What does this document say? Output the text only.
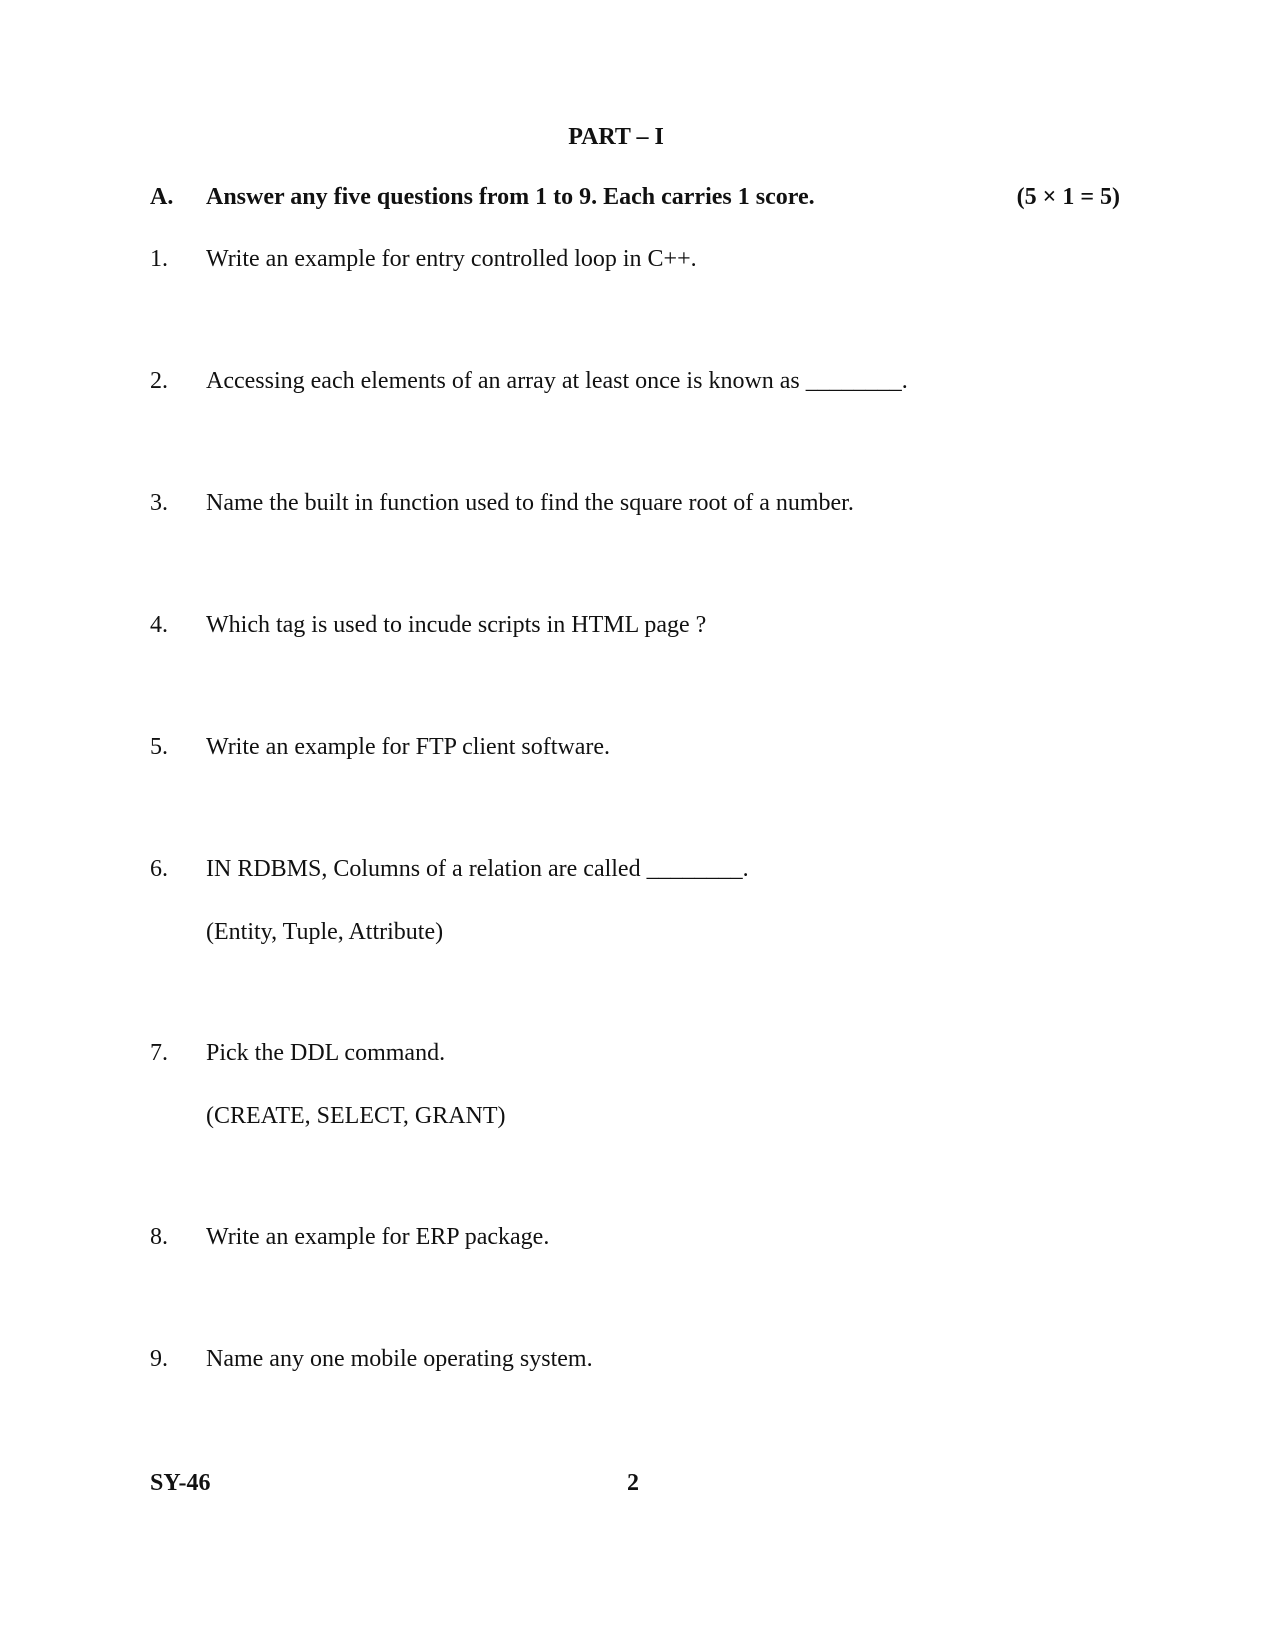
PART – I
A. Answer any five questions from 1 to 9. Each carries 1 score.	(5 × 1 = 5)
1. Write an example for entry controlled loop in C++.
2. Accessing each elements of an array at least once is known as ________.
3. Name the built in function used to find the square root of a number.
4. Which tag is used to incude scripts in HTML page ?
5. Write an example for FTP client software.
6. IN RDBMS, Columns of a relation are called ________.
(Entity, Tuple, Attribute)
7. Pick the DDL command.
(CREATE, SELECT, GRANT)
8. Write an example for ERP package.
9. Name any one mobile operating system.
SY-46	2
